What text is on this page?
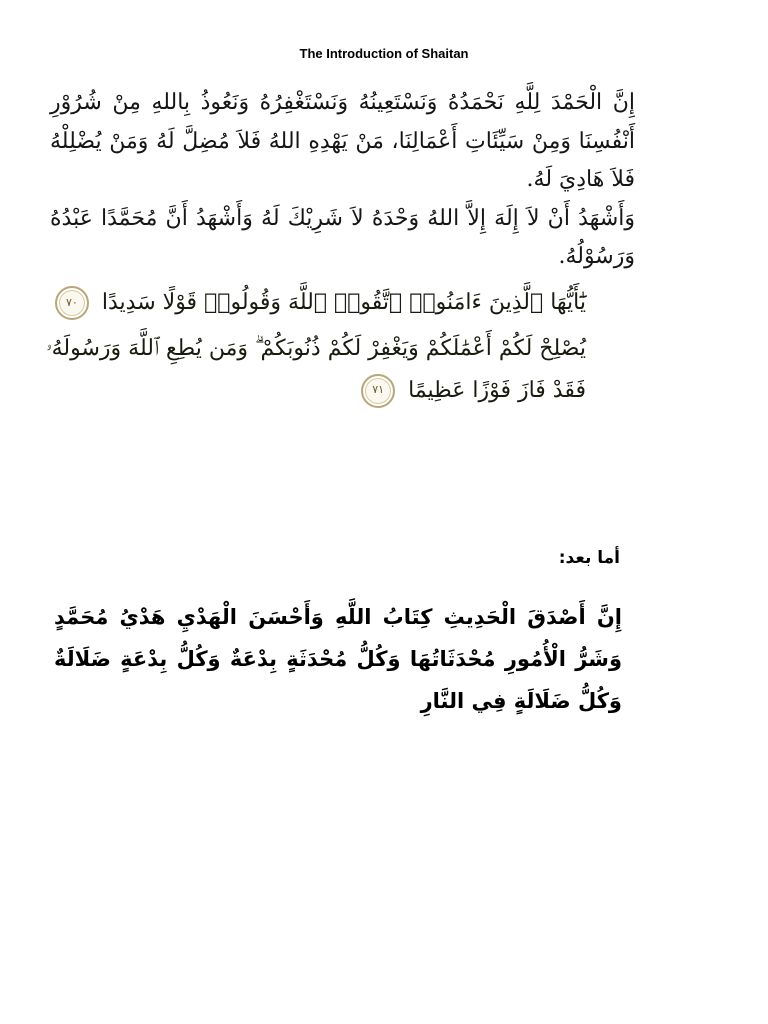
The Introduction of Shaitan

إِنَّ الْحَمْدَ لِلَّهِ نَحْمَدُهُ وَنَسْتَعِينُهُ وَنَسْتَغْفِرُهُ وَنَعُوذُ بِاللهِ مِنْ شُرُوْرِ أَنْفُسِنَا وَمِنْ سَيِّئَاتِ أَعْمَالِنَا، مَنْ يَهْدِهِ اللهُ فَلاَ مُضِلَّ لَهُ وَمَنْ يُضْلِلْهُ فَلاَ هَادِيَ لَهُ.

وَأَشْهَدُ أَنْ لاَ إِلَهَ إِلاَّ اللهُ وَحْدَهُ لاَ شَرِيْكَ لَهُ وَأَشْهَدُ أَنَّ مُحَمَّدًا عَبْدُهُ وَرَسُوْلُهُ.

يَٰٓأَيُّهَا ٱلَّذِينَ ءَامَنُوا۟ ٱتَّقُوا۟ ٱللَّهَ وَقُولُوا۟ قَوْلًا سَدِيدًا
٧٠

يُصْلِحْ لَكُمْ أَعْمَٰلَكُمْ وَيَغْفِرْ لَكُمْ ذُنُوبَكُمْ ۗ وَمَن يُطِعِ ٱللَّهَ وَرَسُولَهُۥ فَقَدْ فَازَ فَوْزًا عَظِيمًا
٧١

أما بعد:

إِنَّ أَصْدَقَ الْحَدِيثِ كِتَابُ اللَّهِ وَأَحْسَنَ الْهَدْيِ هَدْيُ مُحَمَّدٍ وَشَرُّ الْأُمُورِ مُحْدَثَاتُهَا وَكُلُّ مُحْدَثَةٍ بِدْعَةٌ وَكُلُّ بِدْعَةٍ ضَلَالَةٌ وَكُلُّ ضَلَالَةٍ فِي النَّارِ
